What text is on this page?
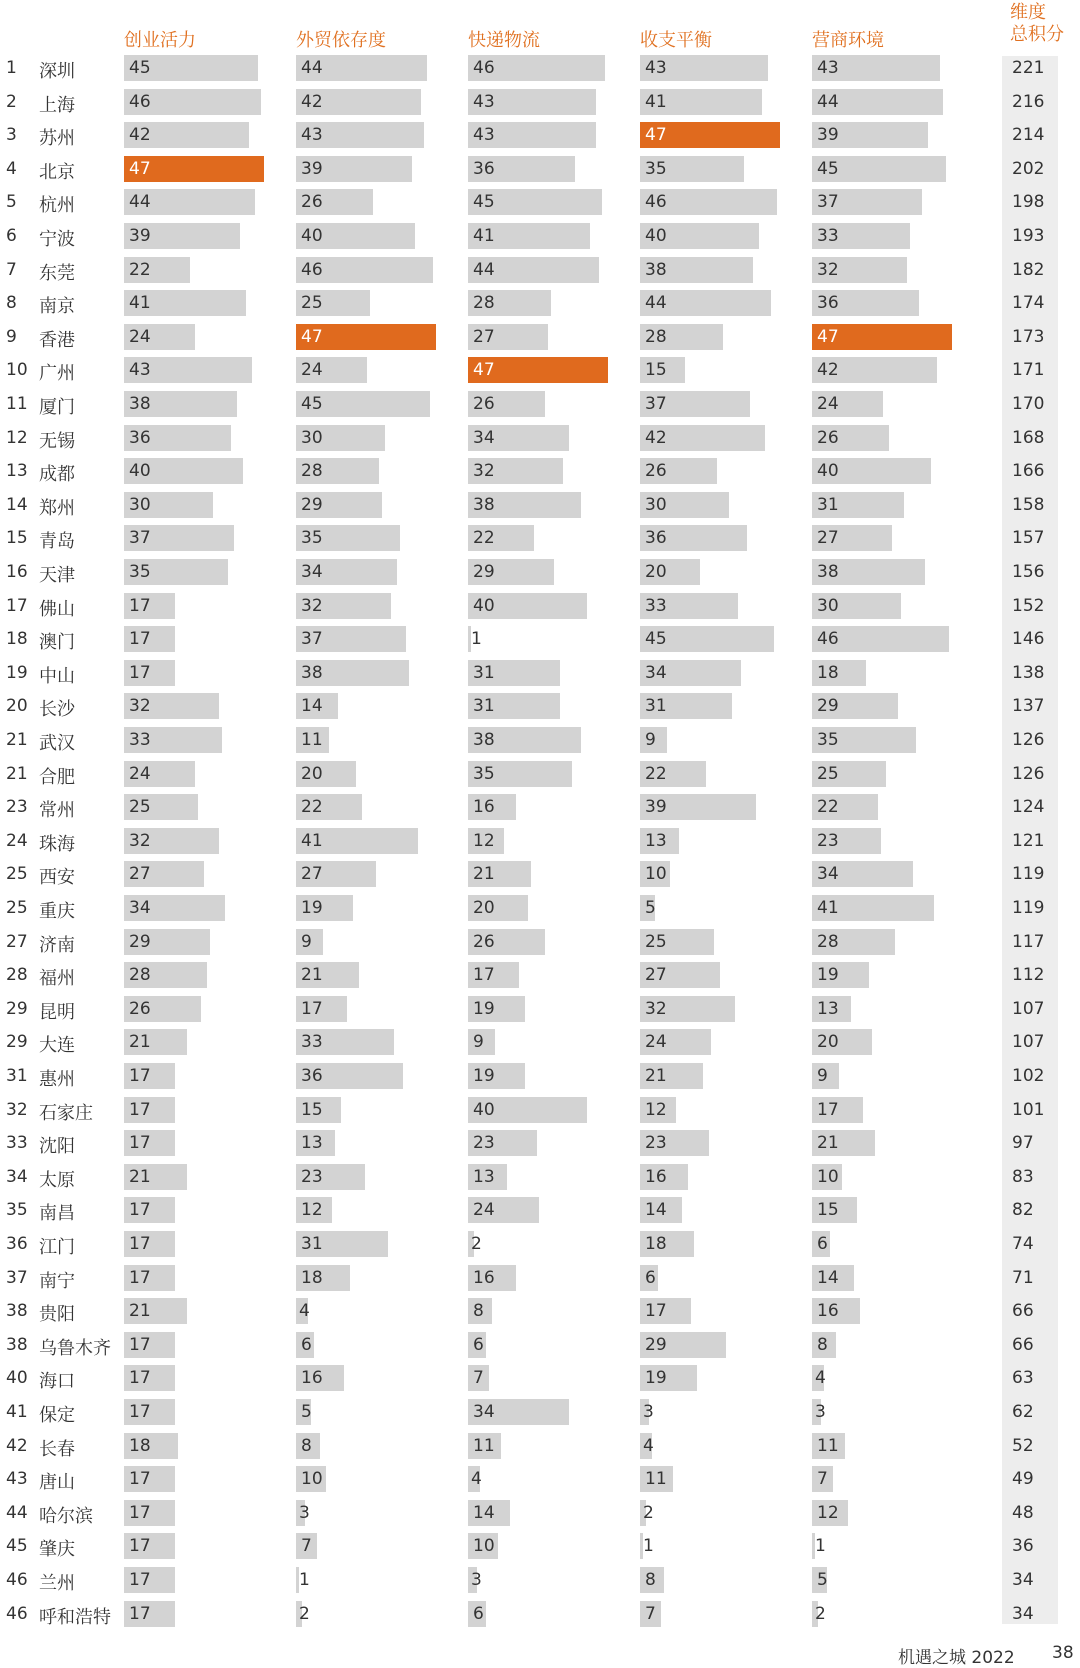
创业活力	外贸依存度	快递物流	收支平衡	营商环境
维度
总积分
1	深圳	45	44	46	43	43	221
2	上海	46	42	43	41	44	216
3	苏州	42	43	43	47	39	214
4	北京	47	39	36	35	45	202
5	杭州	44	26	45	46	37	198
6	宁波	39	40	41	40	33	193
7	东莞	22	46	44	38	32	182
8	南京	41	25	28	44	36	174
9	香港	24	47	27	28	47	173
10 广州	43	24	47	15	42	171
11 厦门	38	45	26	37	24	170
12 无锡	36	30	34	42	26	168
13 成都	40	28	32	26	40	166
14 郑州	30	29	38	30	31	158
15 青岛	37	35	22	36	27	157
16 天津	35	34	29	20	38	156
17 佛山	17	32	40	33	30	152
18 澳门	17	37	1	45	46	146
19 中山	17	38	31	34	18	138
20 长沙	32	14	31	31	29	137
21 武汉	33	11	38	9	35	126
21 合肥	24	20	35	22	25	126
23 常州	25	22	16	39	22	124
24 珠海	32	41	12	13	23	121
25 西安	27	27	21	10	34	119
25 重庆	34	19	20	5	41	119
27 济南	29	9	26	25	28	117
28 福州	28	21	17	27	19	112
29 昆明	26	17	19	32	13	107
29 大连	21	33	9	24	20	107
31 惠州	17	36	19	21	9	102
32 石家庄 17	15	40	12	17	101
33 沈阳	17	13	23	23	21	97
34 太原	21	23	13	16	10	83
35 南昌	17	12	24	14	15	82
36 江门	17	31	2	18	6	74
37 南宁	17	18	16	6	14	71
38 贵阳	21	4	8	17	16	66
38 乌鲁木齐 17	6	6	29	8	66
40 海口	17	16	7	19	4	63
41 保定	17	5	34	3	3	62
42 长春	18	8	11	4	11	52
43 唐山	17	10	4	11	7	49
44 哈尔滨 17	3	14	2	12	48
45 肇庆	17	7	10	1	1	36
46 兰州	17	1	3	8	5	34
46 呼和浩特 17	2	6	7	2	34
机遇之城 2022 38
